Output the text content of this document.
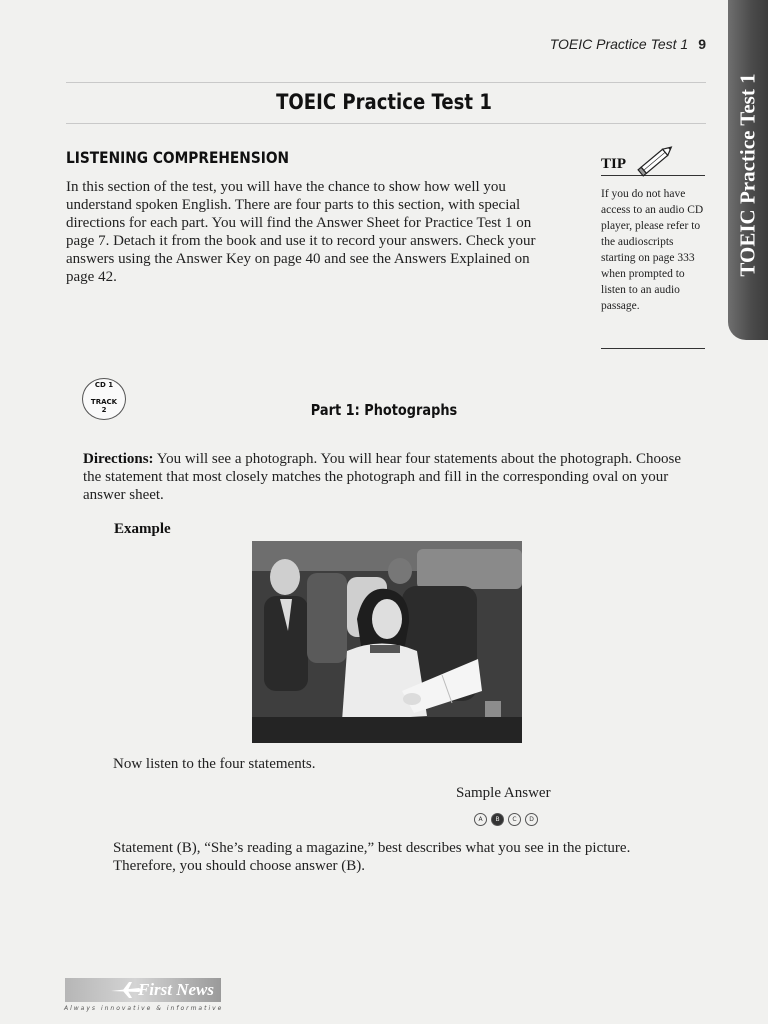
TOEIC Practice Test 1 9
TOEIC Practice Test 1
TOEIC Practice Test 1
LISTENING COMPREHENSION

In this section of the test, you will have the chance to show how well you understand spoken English. There are four parts to this section, with special directions for each part. You will find the Answer Sheet for Practice Test 1 on page 7. Detach it from the book and use it to record your answers. Check your answers using the Answer Key on page 40 and see the Answers Explained on page 42.

TIP

If you do not have access to an audio CD player, please refer to the audioscripts starting on page 333 when prompted to listen to an audio passage.

CD 1
TRACK
2	Part 1: Photographs

Directions: You will see a photograph. You will hear four statements about the photograph. Choose the statement that most closely matches the photograph and fill in the corresponding oval on your answer sheet.

Example

Now listen to the four statements.

Sample Answer
A	B	C	D

Statement (B), “She’s reading a magazine,” best describes what you see in the picture.
Therefore, you should choose answer (B).

First News
Always innovative & informative
